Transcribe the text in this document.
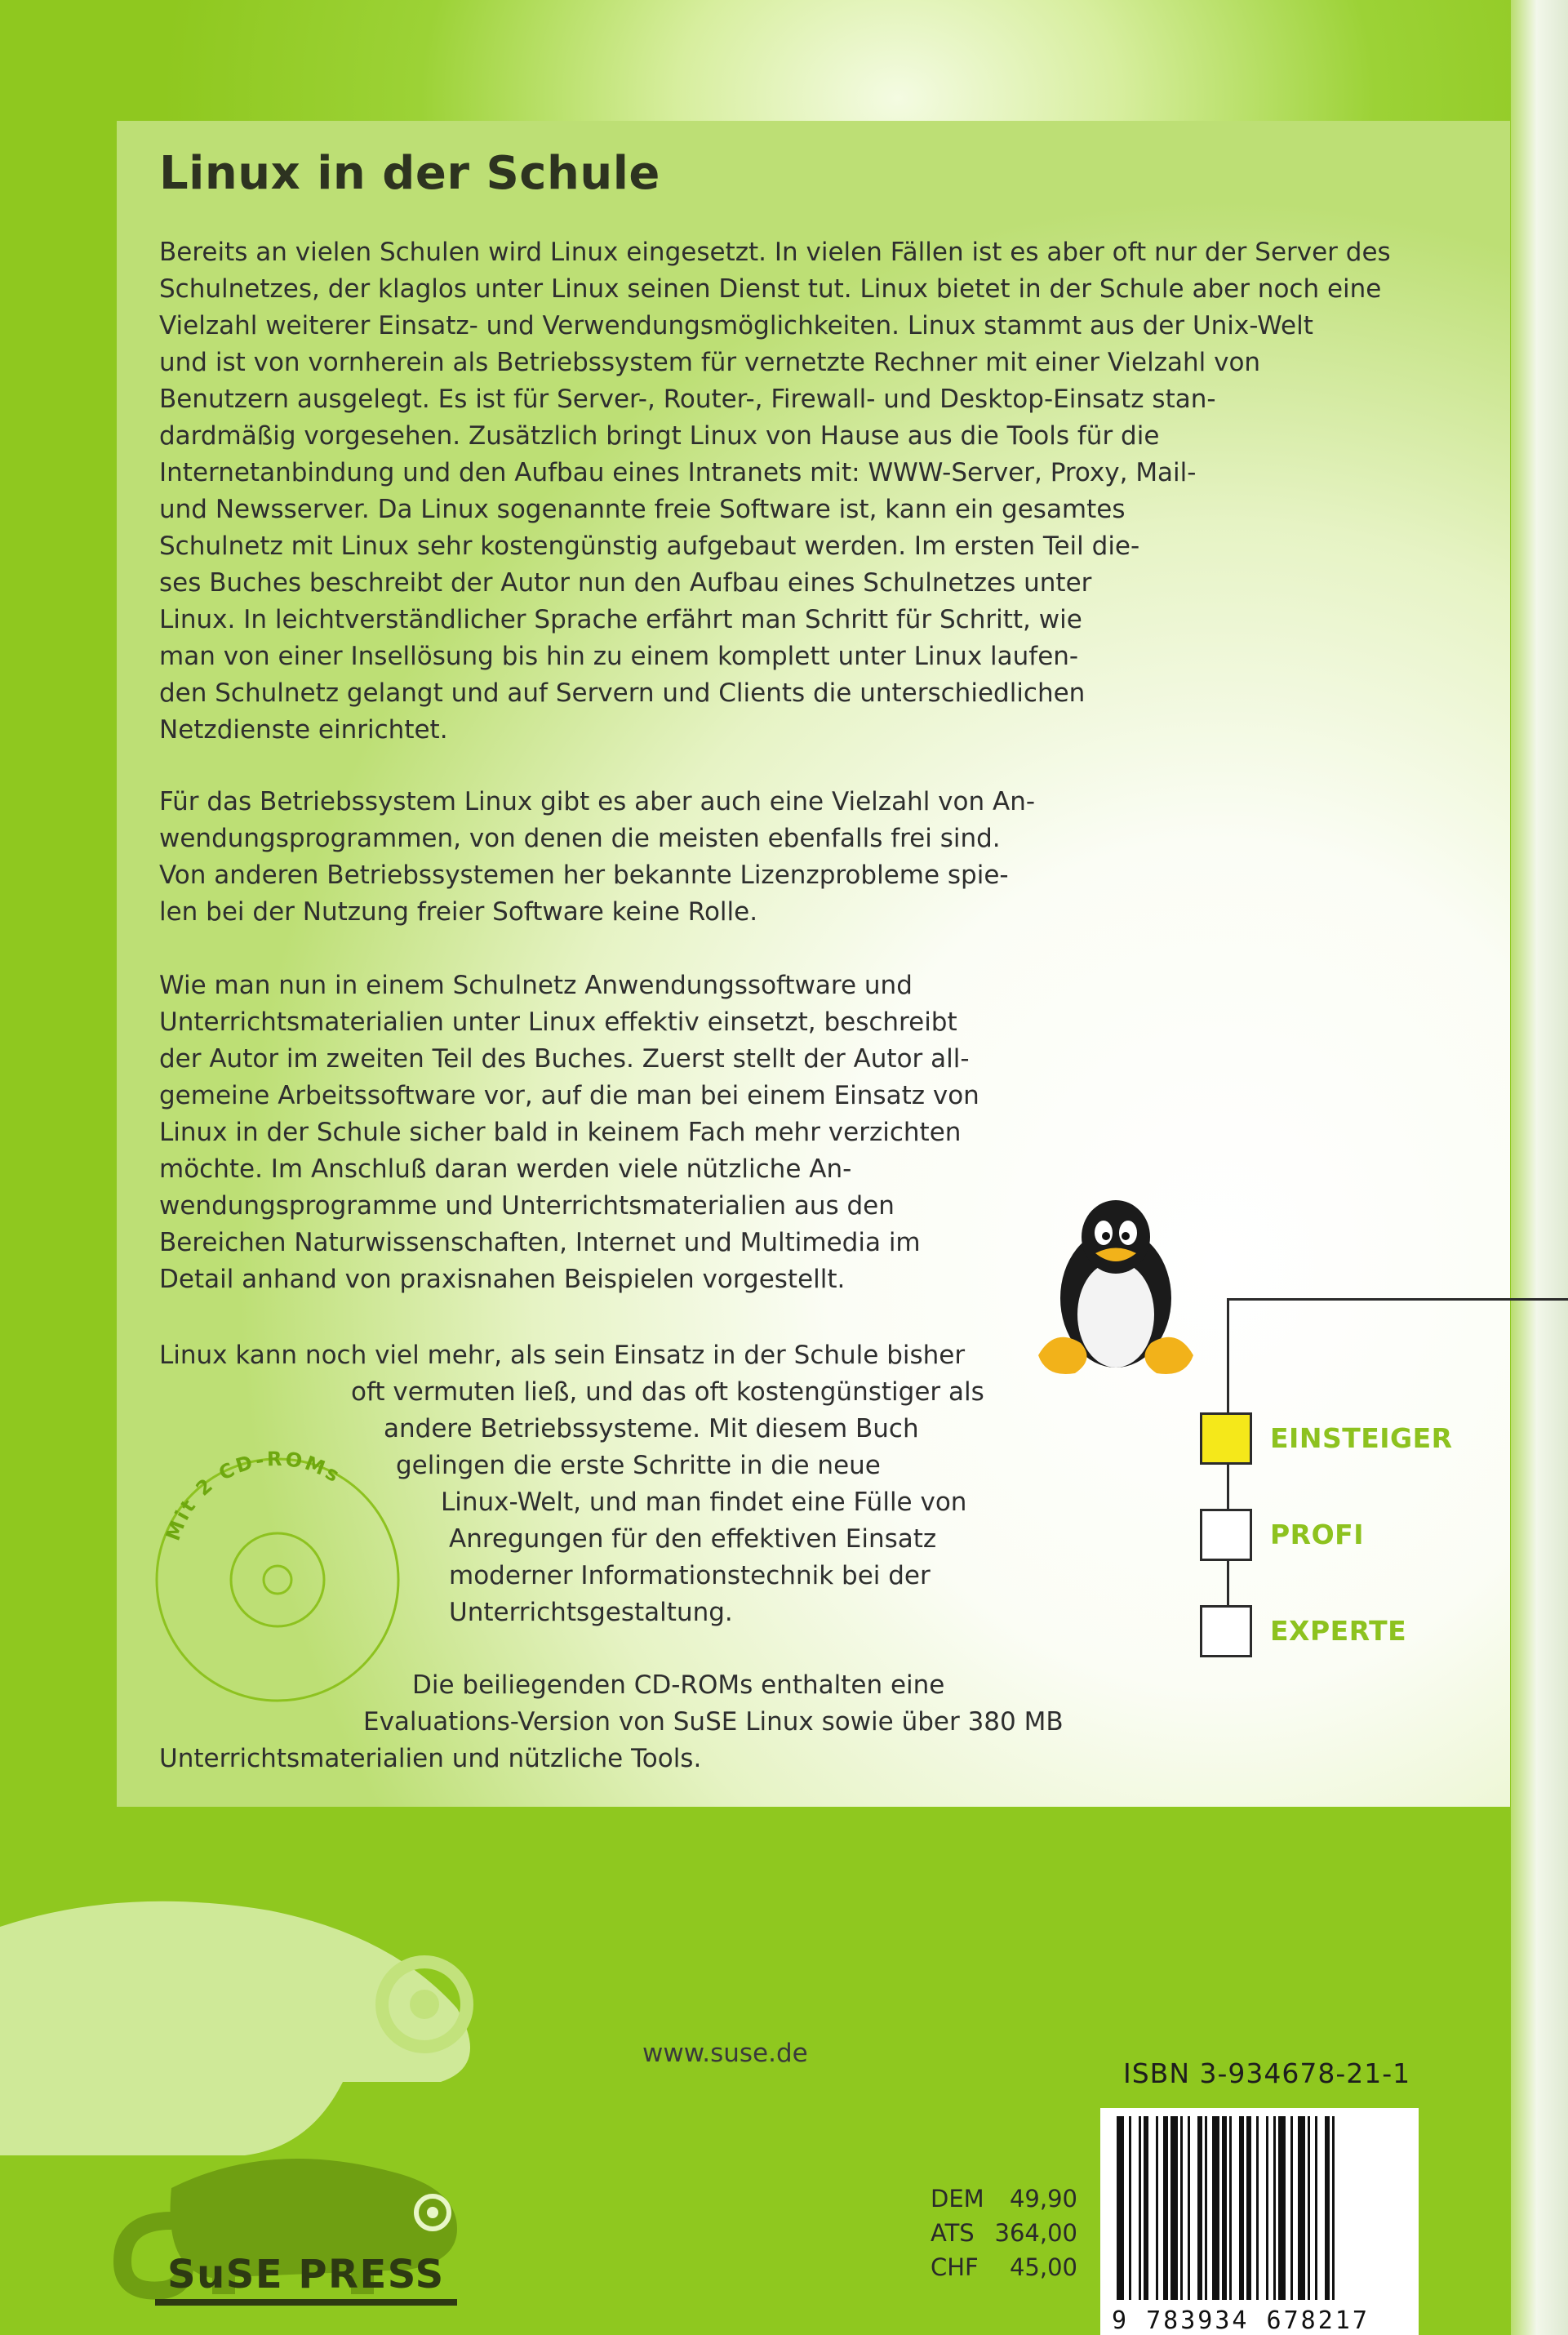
Linux in der Schule
Bereits an vielen Schulen wird Linux eingesetzt. In vielen Fällen ist es aber oft nur der Server des
Schulnetzes, der klaglos unter Linux seinen Dienst tut. Linux bietet in der Schule aber noch eine
Vielzahl weiterer Einsatz- und Verwendungsmöglichkeiten. Linux stammt aus der Unix-Welt
und ist von vornherein als Betriebssystem für vernetzte Rechner mit einer Vielzahl von
Benutzern ausgelegt. Es ist für Server-, Router-, Firewall- und Desktop-Einsatz stan-
dardmäßig vorgesehen. Zusätzlich bringt Linux von Hause aus die Tools für die
Internetanbindung und den Aufbau eines Intranets mit: WWW-Server, Proxy, Mail-
und Newsserver. Da Linux sogenannte freie Software ist, kann ein gesamtes
Schulnetz mit Linux sehr kostengünstig aufgebaut werden. Im ersten Teil die-
ses Buches beschreibt der Autor nun den Aufbau eines Schulnetzes unter
Linux. In leichtverständlicher Sprache erfährt man Schritt für Schritt, wie
man von einer Insellösung bis hin zu einem komplett unter Linux laufen-
den Schulnetz gelangt und auf Servern und Clients die unterschiedlichen
Netzdienste einrichtet.
Für das Betriebssystem Linux gibt es aber auch eine Vielzahl von An-
wendungsprogrammen, von denen die meisten ebenfalls frei sind.
Von anderen Betriebssystemen her bekannte Lizenzprobleme spie-
len bei der Nutzung freier Software keine Rolle.
Wie man nun in einem Schulnetz Anwendungssoftware und
Unterrichtsmaterialien unter Linux effektiv einsetzt, beschreibt
der Autor im zweiten Teil des Buches. Zuerst stellt der Autor all-
gemeine Arbeitssoftware vor, auf die man bei einem Einsatz von
Linux in der Schule sicher bald in keinem Fach mehr verzichten
möchte. Im Anschluß daran werden viele nützliche An-
wendungsprogramme und Unterrichtsmaterialien aus den
Bereichen Naturwissenschaften, Internet und Multimedia im
Detail anhand von praxisnahen Beispielen vorgestellt.
Linux kann noch viel mehr, als sein Einsatz in der Schule bisher
oft vermuten ließ, und das oft kostengünstiger als
andere Betriebssysteme. Mit diesem Buch
gelingen die erste Schritte in die neue
Linux-Welt, und man findet eine Fülle von
Anregungen für den effektiven Einsatz
moderner Informationstechnik bei der
Unterrichtsgestaltung.
Die beiliegenden CD-ROMs enthalten eine
Evaluations-Version von SuSE Linux sowie über 380 MB
Unterrichtsmaterialien und nützliche Tools.
Mit 2 CD-ROMs
EINSTEIGER
PROFI
EXPERTE
SuSE PRESS
www.suse.de
ISBN 3-934678-21-1
DEM 49,90
ATS 364,00
CHF 45,00
9 783934 678217
